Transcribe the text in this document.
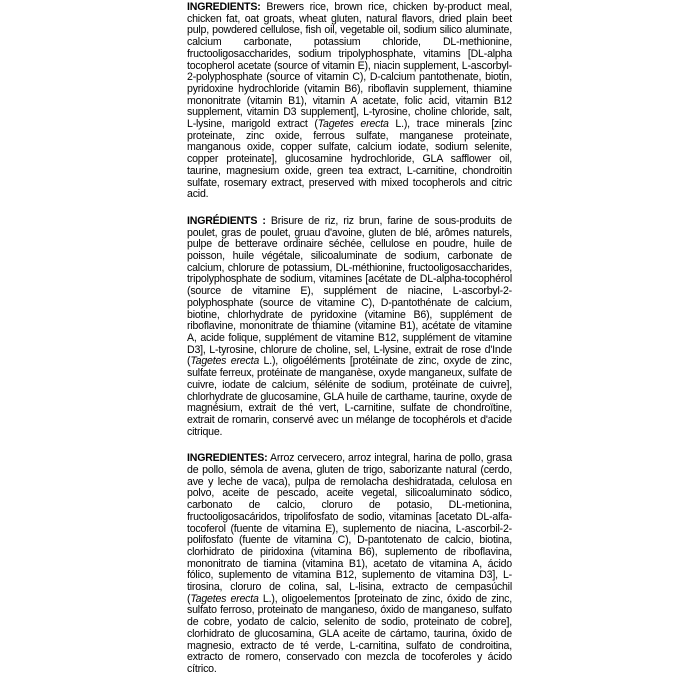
INGREDIENTS: Brewers rice, brown rice, chicken by-product meal, chicken fat, oat groats, wheat gluten, natural flavors, dried plain beet pulp, powdered cellulose, fish oil, vegetable oil, sodium silico aluminate, calcium carbonate, potassium chloride, DL-methionine, fructooligosaccharides, sodium tripolyphosphate, vitamins [DL-alpha tocopherol acetate (source of vitamin E), niacin supplement, L-ascorbyl-2-polyphosphate (source of vitamin C), D-calcium pantothenate, biotin, pyridoxine hydrochloride (vitamin B6), riboflavin supplement, thiamine mononitrate (vitamin B1), vitamin A acetate, folic acid, vitamin B12 supplement, vitamin D3 supplement], L-tyrosine, choline chloride, salt, L-lysine, marigold extract (Tagetes erecta L.), trace minerals [zinc proteinate, zinc oxide, ferrous sulfate, manganese proteinate, manganous oxide, copper sulfate, calcium iodate, sodium selenite, copper proteinate], glucosamine hydrochloride, GLA safflower oil, taurine, magnesium oxide, green tea extract, L-carnitine, chondroitin sulfate, rosemary extract, preserved with mixed tocopherols and citric acid.

INGRÉDIENTS : Brisure de riz, riz brun, farine de sous-produits de poulet, gras de poulet, gruau d'avoine, gluten de blé, arômes naturels, pulpe de betterave ordinaire séchée, cellulose en poudre, huile de poisson, huile végétale, silicoaluminate de sodium, carbonate de calcium, chlorure de potassium, DL-méthionine, fructooligosaccharides, tripolyphosphate de sodium, vitamines [acétate de DL-alpha-tocophérol (source de vitamine E), supplément de niacine, L-ascorbyl-2-polyphosphate (source de vitamine C), D-pantothénate de calcium, biotine, chlorhydrate de pyridoxine (vitamine B6), supplément de riboflavine, mononitrate de thiamine (vitamine B1), acétate de vitamine A, acide folique, supplément de vitamine B12, supplément de vitamine D3], L-tyrosine, chlorure de choline, sel, L-lysine, extrait de rose d'Inde (Tagetes erecta L.), oligoéléments [protéinate de zinc, oxyde de zinc, sulfate ferreux, protéinate de manganèse, oxyde manganeux, sulfate de cuivre, iodate de calcium, sélénite de sodium, protéinate de cuivre], chlorhydrate de glucosamine, GLA huile de carthame, taurine, oxyde de magnésium, extrait de thé vert, L-carnitine, sulfate de chondroïtine, extrait de romarin, conservé avec un mélange de tocophérols et d'acide citrique.

INGREDIENTES: Arroz cervecero, arroz integral, harina de pollo, grasa de pollo, sémola de avena, gluten de trigo, saborizante natural (cerdo, ave y leche de vaca), pulpa de remolacha deshidratada, celulosa en polvo, aceite de pescado, aceite vegetal, silicoaluminato sódico, carbonato de calcio, cloruro de potasio, DL-metionina, fructooligosacáridos, tripolifosfato de sodio, vitaminas [acetato DL-alfa-tocoferol (fuente de vitamina E), suplemento de niacina, L-ascorbil-2-polifosfato (fuente de vitamina C), D-pantotenato de calcio, biotina, clorhidrato de piridoxina (vitamina B6), suplemento de riboflavina, mononitrato de tiamina (vitamina B1), acetato de vitamina A, ácido fólico, suplemento de vitamina B12, suplemento de vitamina D3], L-tirosina, cloruro de colina, sal, L-lisina, extracto de cempasúchil (Tagetes erecta L.), oligoelementos [proteinato de zinc, óxido de zinc, sulfato ferroso, proteinato de manganeso, óxido de manganeso, sulfato de cobre, yodato de calcio, selenito de sodio, proteinato de cobre], clorhidrato de glucosamina, GLA aceite de cártamo, taurina, óxido de magnesio, extracto de té verde, L-carnitina, sulfato de condroitina, extracto de romero, conservado con mezcla de tocoferoles y ácido cítrico.
